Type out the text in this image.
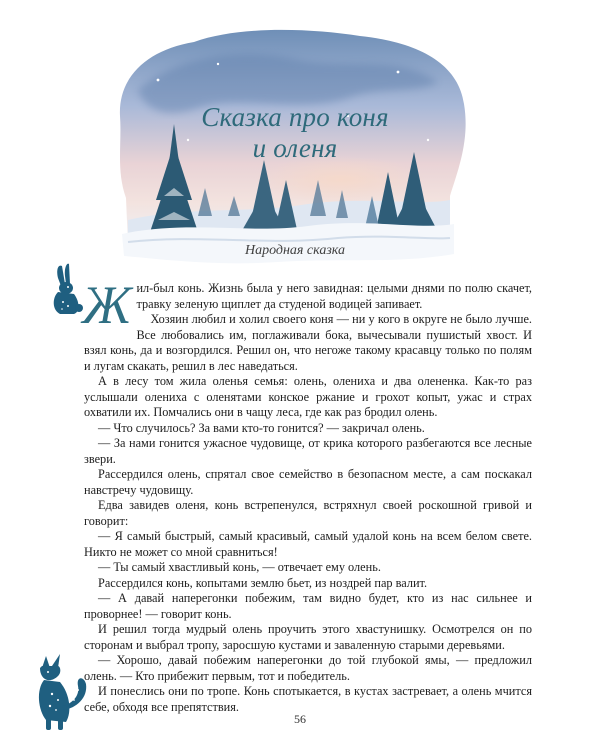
Сказка про коня
и оленя

Народная сказка

Жил-был конь. Жизнь была у него завидная: целыми днями по полю скачет, травку зеленую щиплет да студеной водицей запивает.

Хозяин любил и холил своего коня — ни у кого в округе не было лучше. Все любовались им, поглаживали бока, вычесывали пушистый хвост. И взял конь, да и возгордился. Решил он, что негоже такому красавцу только по полям и лугам скакать, решил в лес наведаться.

А в лесу том жила оленья семья: олень, олениха и два олененка. Как-то раз услышали олениха с оленятами конское ржание и грохот копыт, ужас и страх охватили их. Помчались они в чащу леса, где как раз бродил олень.

— Что случилось? За вами кто-то гонится? — закричал олень.

— За нами гонится ужасное чудовище, от крика которого разбегаются все лесные звери.

Рассердился олень, спрятал свое семейство в безопасном месте, а сам поскакал навстречу чудовищу.

Едва завидев оленя, конь встрепенулся, встряхнул своей роскошной гривой и говорит:

— Я самый быстрый, самый красивый, самый удалой конь на всем белом свете. Никто не может со мной сравниться!

— Ты самый хвастливый конь, — отвечает ему олень.

Рассердился конь, копытами землю бьет, из ноздрей пар валит.

— А давай наперегонки побежим, там видно будет, кто из нас сильнее и проворнее! — говорит конь.

И решил тогда мудрый олень проучить этого хвастунишку. Осмотрелся он по сторонам и выбрал тропу, заросшую кустами и заваленную старыми деревьями.

— Хорошо, давай побежим наперегонки до той глубокой ямы, — предложил олень. — Кто прибежит первым, тот и победитель.

И понеслись они по тропе. Конь спотыкается, в кустах застревает, а олень мчится себе, обходя все препятствия.

56
